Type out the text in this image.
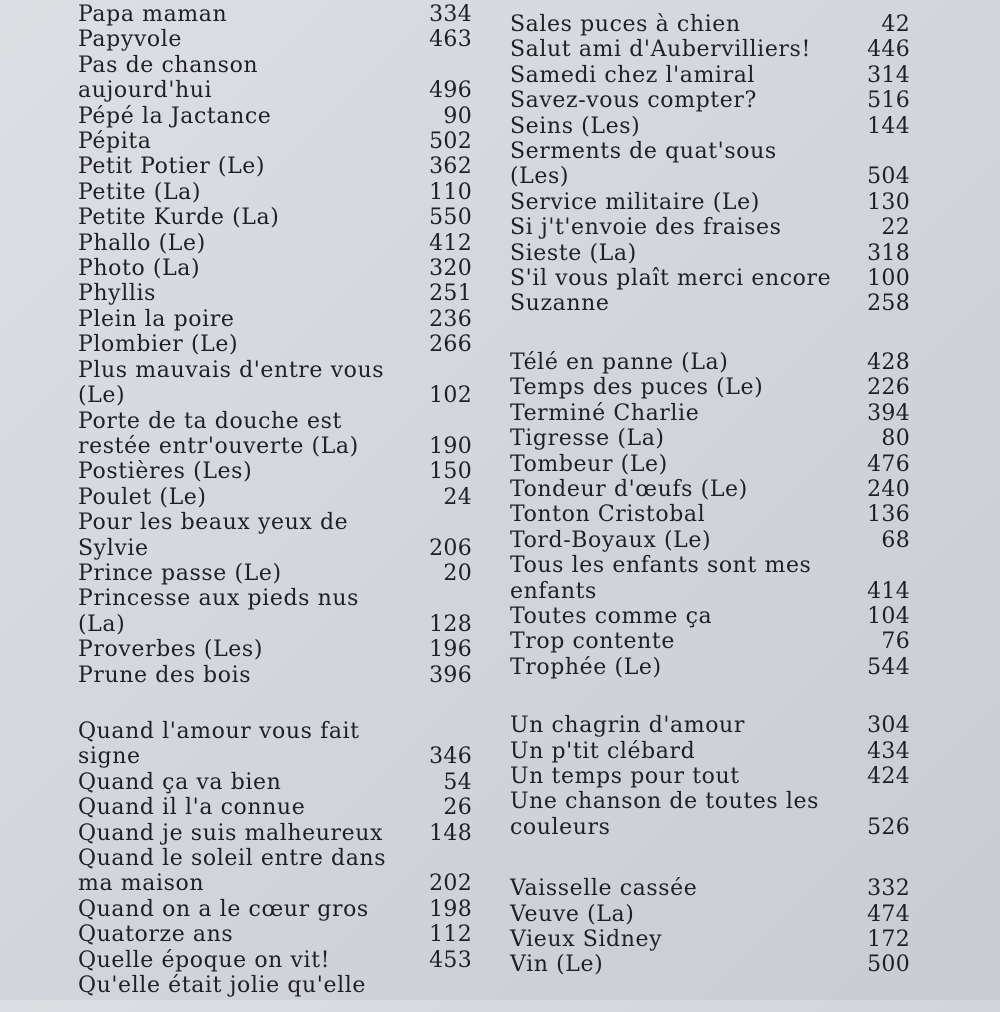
Papa maman	334
Papyvole	463
Pas de chanson
aujourd'hui	496
Pépé la Jactance	90
Pépita	502
Petit Potier (Le)	362
Petite (La)	110
Petite Kurde (La)	550
Phallo (Le)	412
Photo (La)	320
Phyllis	251
Plein la poire	236
Plombier (Le)	266
Plus mauvais d'entre vous
(Le)	102
Porte de ta douche est
restée entr'ouverte (La)	190
Postières (Les)	150
Poulet (Le)	24
Pour les beaux yeux de
Sylvie	206
Prince passe (Le)	20
Princesse aux pieds nus
(La)	128
Proverbes (Les)	196
Prune des bois	396
Quand l'amour vous fait
signe	346
Quand ça va bien	54
Quand il l'a connue	26
Quand je suis malheureux	148
Quand le soleil entre dans
ma maison	202
Quand on a le cœur gros	198
Quatorze ans	112
Quelle époque on vit!	453
Qu'elle était jolie qu'elle
Sales puces à chien	42
Salut ami d'Aubervilliers!	446
Samedi chez l'amiral	314
Savez-vous compter?	516
Seins (Les)	144
Serments de quat'sous
(Les)	504
Service militaire (Le)	130
Si j't'envoie des fraises	22
Sieste (La)	318
S'il vous plaît merci encore	100
Suzanne	258
Télé en panne (La)	428
Temps des puces (Le)	226
Terminé Charlie	394
Tigresse (La)	80
Tombeur (Le)	476
Tondeur d'œufs (Le)	240
Tonton Cristobal	136
Tord-Boyaux (Le)	68
Tous les enfants sont mes
enfants	414
Toutes comme ça	104
Trop contente	76
Trophée (Le)	544
Un chagrin d'amour	304
Un p'tit clébard	434
Un temps pour tout	424
Une chanson de toutes les
couleurs	526
Vaisselle cassée	332
Veuve (La)	474
Vieux Sidney	172
Vin (Le)	500
